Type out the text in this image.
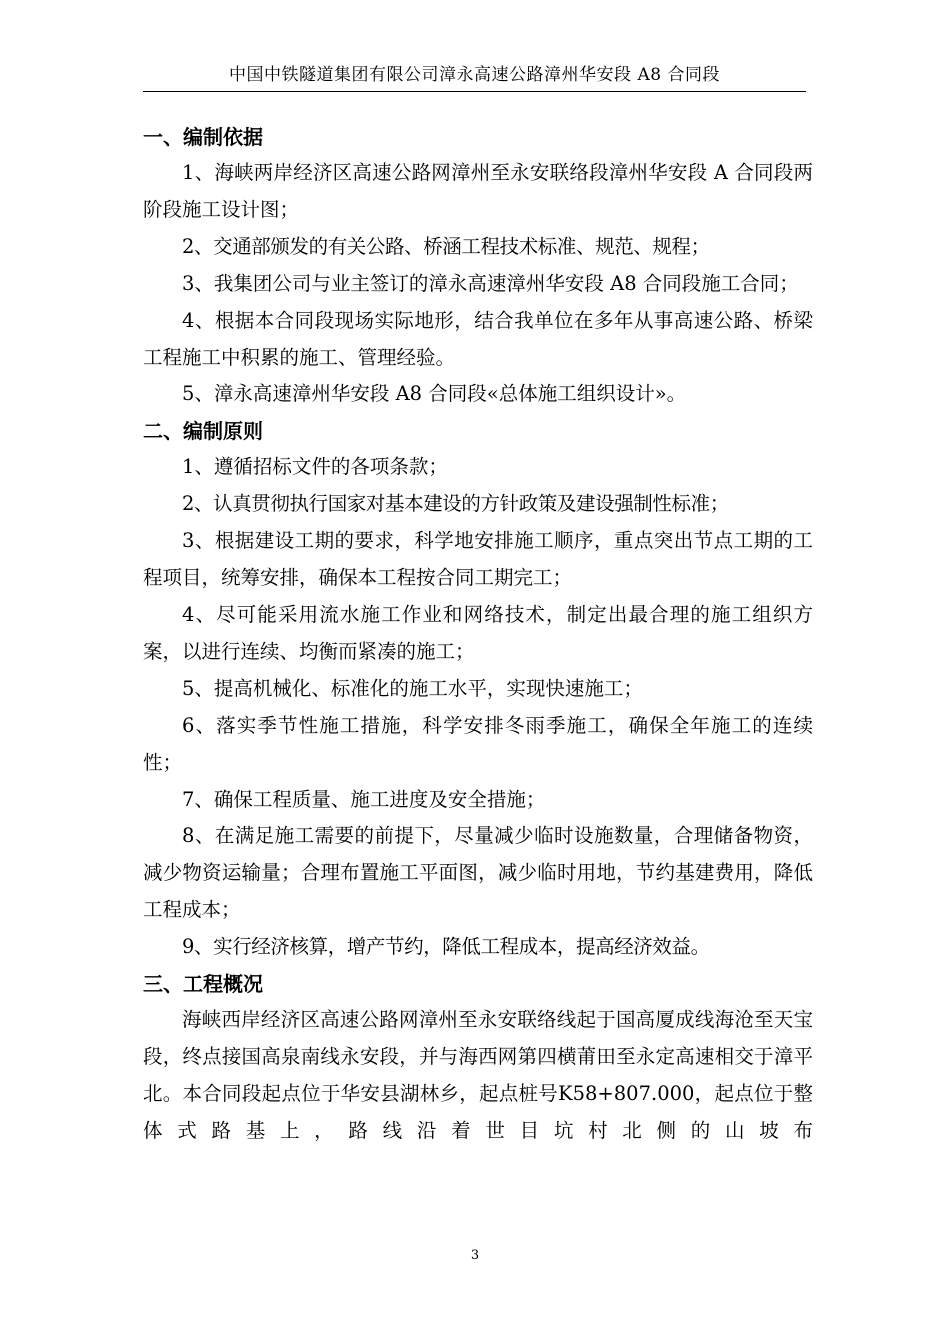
中国中铁隧道集团有限公司漳永高速公路漳州华安段 A8 合同段

一、编制依据

1、海峡两岸经济区高速公路网漳州至永安联络段漳州华安段 A 合同段两阶段施工设计图；

2、交通部颁发的有关公路、桥涵工程技术标准、规范、规程；

3、我集团公司与业主签订的漳永高速漳州华安段 A8 合同段施工合同；

4、根据本合同段现场实际地形，结合我单位在多年从事高速公路、桥梁工程施工中积累的施工、管理经验。

5、漳永高速漳州华安段 A8 合同段«总体施工组织设计»。

二、编制原则

1、遵循招标文件的各项条款；

2、认真贯彻执行国家对基本建设的方针政策及建设强制性标准；

3、根据建设工期的要求，科学地安排施工顺序，重点突出节点工期的工程项目，统筹安排，确保本工程按合同工期完工；

4、尽可能采用流水施工作业和网络技术，制定出最合理的施工组织方案，以进行连续、均衡而紧凑的施工；

5、提高机械化、标准化的施工水平，实现快速施工；

6、落实季节性施工措施，科学安排冬雨季施工，确保全年施工的连续性；

7、确保工程质量、施工进度及安全措施；

8、在满足施工需要的前提下，尽量减少临时设施数量，合理储备物资，减少物资运输量；合理布置施工平面图，减少临时用地，节约基建费用，降低工程成本；

9、实行经济核算，增产节约，降低工程成本，提高经济效益。

三、工程概况

海峡西岸经济区高速公路网漳州至永安联络线起于国高厦成线海沧至天宝段，终点接国高泉南线永安段，并与海西网第四横莆田至永定高速相交于漳平北。本合同段起点位于华安县湖林乡，起点桩号K58+807.000，起点位于整体式路基上，路线沿着世目坑村北侧的山坡布

3
